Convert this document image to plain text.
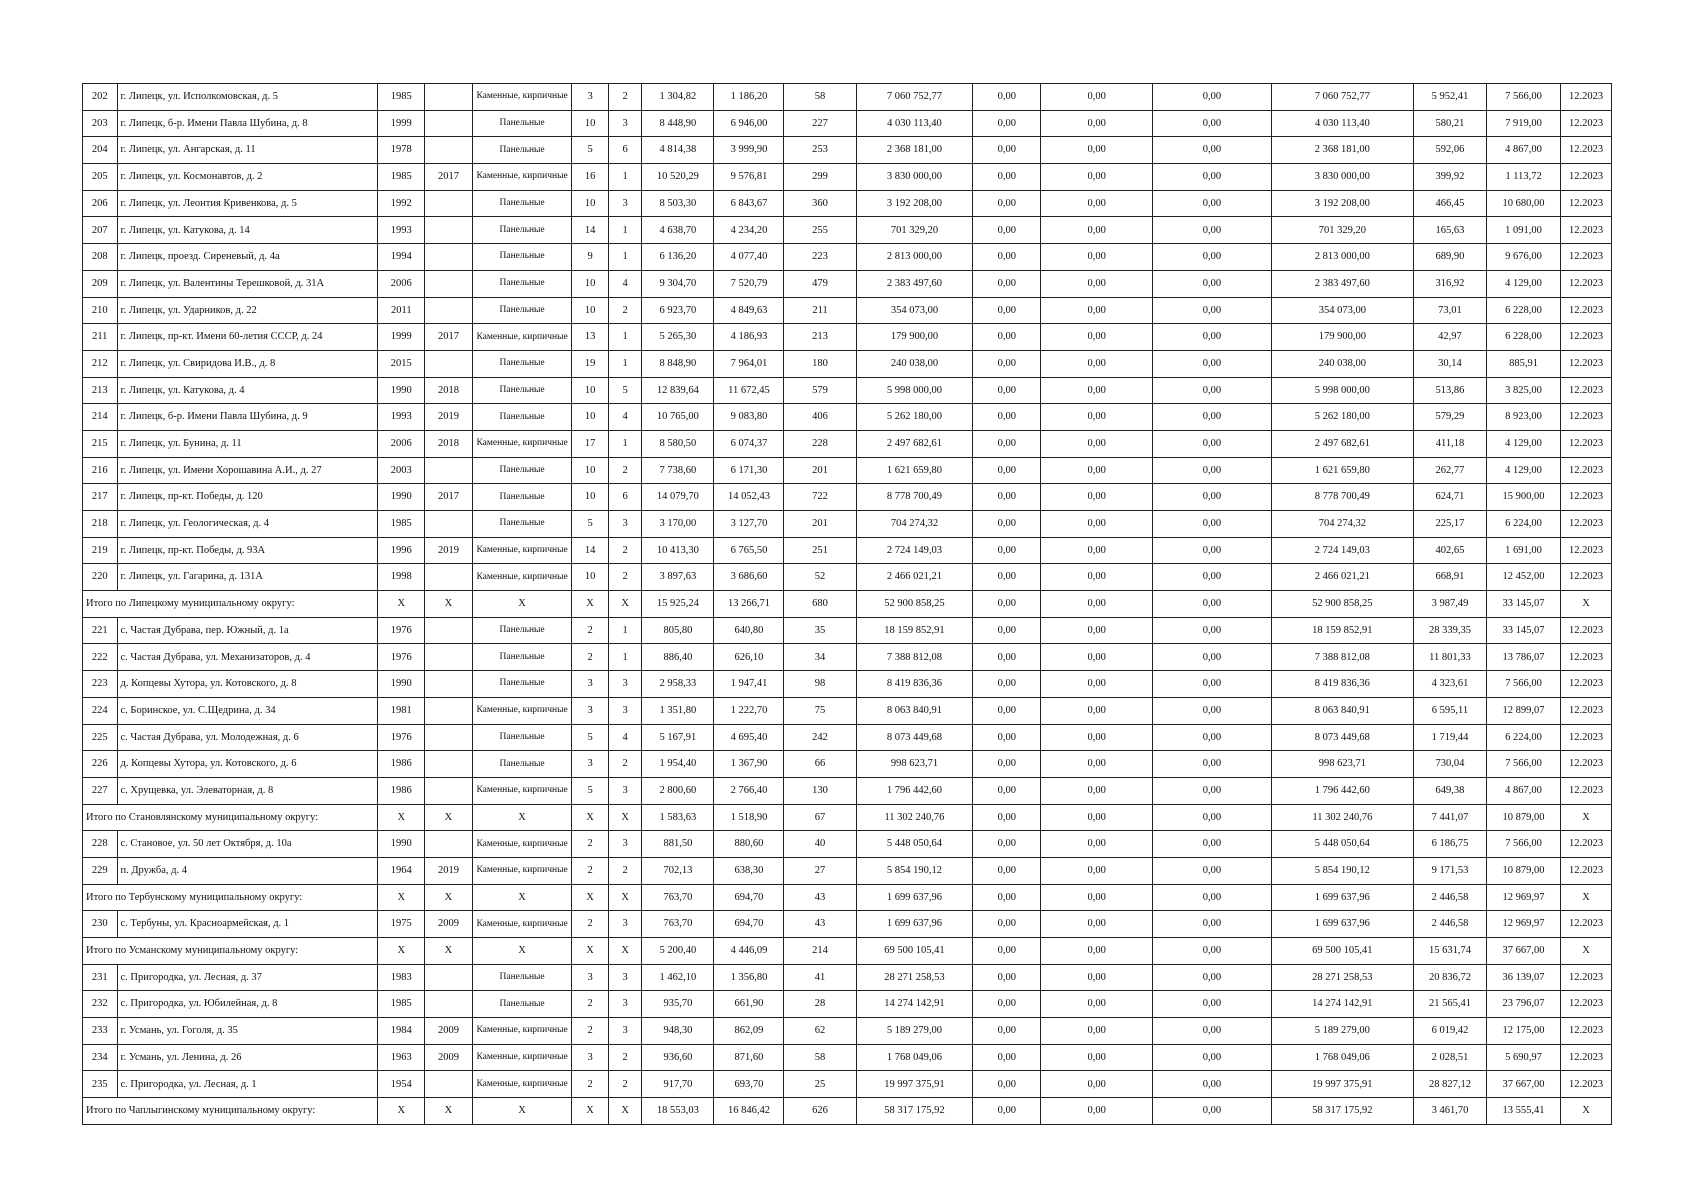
202	г. Липецк, ул. Исполкомовская, д. 5	1985		Каменные, кирпичные	3	2	1 304,82	1 186,20	58	7 060 752,77	0,00	0,00	0,00	7 060 752,77	5 952,41	7 566,00	12.2023
203	г. Липецк, б-р. Имени Павла Шубина, д. 8	1999		Панельные	10	3	8 448,90	6 946,00	227	4 030 113,40	0,00	0,00	0,00	4 030 113,40	580,21	7 919,00	12.2023
204	г. Липецк, ул. Ангарская, д. 11	1978		Панельные	5	6	4 814,38	3 999,90	253	2 368 181,00	0,00	0,00	0,00	2 368 181,00	592,06	4 867,00	12.2023
205	г. Липецк, ул. Космонавтов, д. 2	1985	2017	Каменные, кирпичные	16	1	10 520,29	9 576,81	299	3 830 000,00	0,00	0,00	0,00	3 830 000,00	399,92	1 113,72	12.2023
206	г. Липецк, ул. Леонтия Кривенкова, д. 5	1992		Панельные	10	3	8 503,30	6 843,67	360	3 192 208,00	0,00	0,00	0,00	3 192 208,00	466,45	10 680,00	12.2023
207	г. Липецк, ул. Катукова, д. 14	1993		Панельные	14	1	4 638,70	4 234,20	255	701 329,20	0,00	0,00	0,00	701 329,20	165,63	1 091,00	12.2023
208	г. Липецк, проезд. Сиреневый, д. 4а	1994		Панельные	9	1	6 136,20	4 077,40	223	2 813 000,00	0,00	0,00	0,00	2 813 000,00	689,90	9 676,00	12.2023
209	г. Липецк, ул. Валентины Терешковой, д. 31А	2006		Панельные	10	4	9 304,70	7 520,79	479	2 383 497,60	0,00	0,00	0,00	2 383 497,60	316,92	4 129,00	12.2023
210	г. Липецк, ул. Ударников, д. 22	2011		Панельные	10	2	6 923,70	4 849,63	211	354 073,00	0,00	0,00	0,00	354 073,00	73,01	6 228,00	12.2023
211	г. Липецк, пр-кт. Имени 60-летия СССР, д. 24	1999	2017	Каменные, кирпичные	13	1	5 265,30	4 186,93	213	179 900,00	0,00	0,00	0,00	179 900,00	42,97	6 228,00	12.2023
212	г. Липецк, ул. Свиридова И.В., д. 8	2015		Панельные	19	1	8 848,90	7 964,01	180	240 038,00	0,00	0,00	0,00	240 038,00	30,14	885,91	12.2023
213	г. Липецк, ул. Катукова, д. 4	1990	2018	Панельные	10	5	12 839,64	11 672,45	579	5 998 000,00	0,00	0,00	0,00	5 998 000,00	513,86	3 825,00	12.2023
214	г. Липецк, б-р. Имени Павла Шубина, д. 9	1993	2019	Панельные	10	4	10 765,00	9 083,80	406	5 262 180,00	0,00	0,00	0,00	5 262 180,00	579,29	8 923,00	12.2023
215	г. Липецк, ул. Бунина, д. 11	2006	2018	Каменные, кирпичные	17	1	8 580,50	6 074,37	228	2 497 682,61	0,00	0,00	0,00	2 497 682,61	411,18	4 129,00	12.2023
216	г. Липецк, ул. Имени Хорошавина А.И., д. 27	2003		Панельные	10	2	7 738,60	6 171,30	201	1 621 659,80	0,00	0,00	0,00	1 621 659,80	262,77	4 129,00	12.2023
217	г. Липецк, пр-кт. Победы, д. 120	1990	2017	Панельные	10	6	14 079,70	14 052,43	722	8 778 700,49	0,00	0,00	0,00	8 778 700,49	624,71	15 900,00	12.2023
218	г. Липецк, ул. Геологическая, д. 4	1985		Панельные	5	3	3 170,00	3 127,70	201	704 274,32	0,00	0,00	0,00	704 274,32	225,17	6 224,00	12.2023
219	г. Липецк, пр-кт. Победы, д. 93А	1996	2019	Каменные, кирпичные	14	2	10 413,30	6 765,50	251	2 724 149,03	0,00	0,00	0,00	2 724 149,03	402,65	1 691,00	12.2023
220	г. Липецк, ул. Гагарина, д. 131А	1998		Каменные, кирпичные	10	2	3 897,63	3 686,60	52	2 466 021,21	0,00	0,00	0,00	2 466 021,21	668,91	12 452,00	12.2023
Итого по Липецкому муниципальному округу:		X	X	X	X	X	15 925,24	13 266,71	680	52 900 858,25	0,00	0,00	0,00	52 900 858,25	3 987,49	33 145,07	X
221	с. Частая Дубрава, пер. Южный, д. 1а	1976		Панельные	2	1	805,80	640,80	35	18 159 852,91	0,00	0,00	0,00	18 159 852,91	28 339,35	33 145,07	12.2023
222	с. Частая Дубрава, ул. Механизаторов, д. 4	1976		Панельные	2	1	886,40	626,10	34	7 388 812,08	0,00	0,00	0,00	7 388 812,08	11 801,33	13 786,07	12.2023
223	д. Копцевы Хутора, ул. Котовского, д. 8	1990		Панельные	3	3	2 958,33	1 947,41	98	8 419 836,36	0,00	0,00	0,00	8 419 836,36	4 323,61	7 566,00	12.2023
224	с. Боринское, ул. С.Щедрина, д. 34	1981		Каменные, кирпичные	3	3	1 351,80	1 222,70	75	8 063 840,91	0,00	0,00	0,00	8 063 840,91	6 595,11	12 899,07	12.2023
225	с. Частая Дубрава, ул. Молодежная, д. 6	1976		Панельные	5	4	5 167,91	4 695,40	242	8 073 449,68	0,00	0,00	0,00	8 073 449,68	1 719,44	6 224,00	12.2023
226	д. Копцевы Хутора, ул. Котовского, д. 6	1986		Панельные	3	2	1 954,40	1 367,90	66	998 623,71	0,00	0,00	0,00	998 623,71	730,04	7 566,00	12.2023
227	с. Хрущевка, ул. Элеваторная, д. 8	1986		Каменные, кирпичные	5	3	2 800,60	2 766,40	130	1 796 442,60	0,00	0,00	0,00	1 796 442,60	649,38	4 867,00	12.2023
Итого по Становлянскому муниципальному округу:		X	X	X	X	X	1 583,63	1 518,90	67	11 302 240,76	0,00	0,00	0,00	11 302 240,76	7 441,07	10 879,00	X
228	с. Становое, ул. 50 лет Октября, д. 10а	1990		Каменные, кирпичные	2	3	881,50	880,60	40	5 448 050,64	0,00	0,00	0,00	5 448 050,64	6 186,75	7 566,00	12.2023
229	п. Дружба, д. 4	1964	2019	Каменные, кирпичные	2	2	702,13	638,30	27	5 854 190,12	0,00	0,00	0,00	5 854 190,12	9 171,53	10 879,00	12.2023
Итого по Тербунскому муниципальному округу:		X	X	X	X	X	763,70	694,70	43	1 699 637,96	0,00	0,00	0,00	1 699 637,96	2 446,58	12 969,97	X
230	с. Тербуны, ул. Красноармейская, д. 1	1975	2009	Каменные, кирпичные	2	3	763,70	694,70	43	1 699 637,96	0,00	0,00	0,00	1 699 637,96	2 446,58	12 969,97	12.2023
Итого по Усманскому муниципальному округу:		X	X	X	X	X	5 200,40	4 446,09	214	69 500 105,41	0,00	0,00	0,00	69 500 105,41	15 631,74	37 667,00	X
231	с. Пригородка, ул. Лесная, д. 37	1983		Панельные	3	3	1 462,10	1 356,80	41	28 271 258,53	0,00	0,00	0,00	28 271 258,53	20 836,72	36 139,07	12.2023
232	с. Пригородка, ул. Юбилейная, д. 8	1985		Панельные	2	3	935,70	661,90	28	14 274 142,91	0,00	0,00	0,00	14 274 142,91	21 565,41	23 796,07	12.2023
233	г. Усмань, ул. Гоголя, д. 35	1984	2009	Каменные, кирпичные	2	3	948,30	862,09	62	5 189 279,00	0,00	0,00	0,00	5 189 279,00	6 019,42	12 175,00	12.2023
234	г. Усмань, ул. Ленина, д. 26	1963	2009	Каменные, кирпичные	3	2	936,60	871,60	58	1 768 049,06	0,00	0,00	0,00	1 768 049,06	2 028,51	5 690,97	12.2023
235	с. Пригородка, ул. Лесная, д. 1	1954		Каменные, кирпичные	2	2	917,70	693,70	25	19 997 375,91	0,00	0,00	0,00	19 997 375,91	28 827,12	37 667,00	12.2023
Итого по Чаплыгинскому муниципальному округу:		X	X	X	X	X	18 553,03	16 846,42	626	58 317 175,92	0,00	0,00	0,00	58 317 175,92	3 461,70	13 555,41	X
